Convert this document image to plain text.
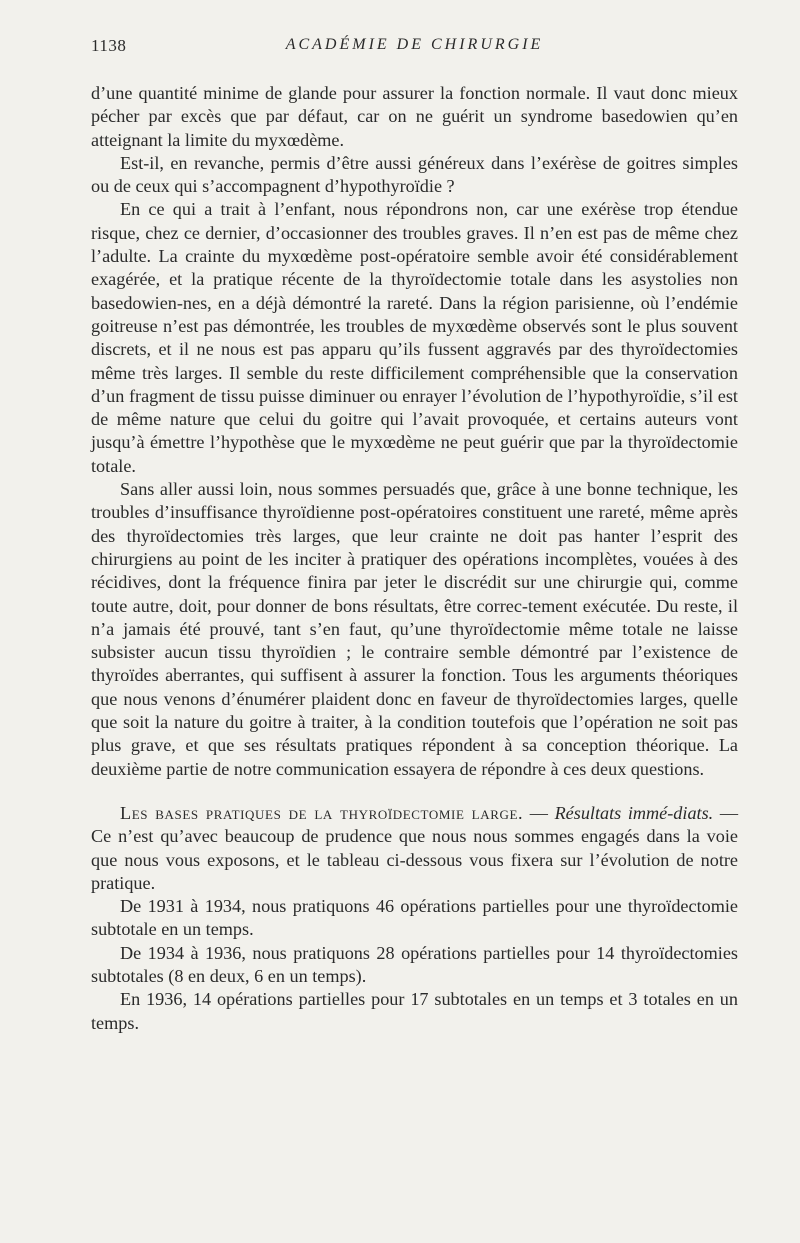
1138	ACADÉMIE DE CHIRURGIE

d’une quantité minime de glande pour assurer la fonction normale. Il vaut donc mieux pécher par excès que par défaut, car on ne guérit un syndrome basedowien qu’en atteignant la limite du myxœdème.

Est-il, en revanche, permis d’être aussi généreux dans l’exérèse de goitres simples ou de ceux qui s’accompagnent d’hypothyroïdie ?

En ce qui a trait à l’enfant, nous répondrons non, car une exérèse trop étendue risque, chez ce dernier, d’occasionner des troubles graves. Il n’en est pas de même chez l’adulte. La crainte du myxœdème post-opératoire semble avoir été considérablement exagérée, et la pratique récente de la thyroïdectomie totale dans les asystolies non basedowien-nes, en a déjà démontré la rareté. Dans la région parisienne, où l’endémie goitreuse n’est pas démontrée, les troubles de myxœdème observés sont le plus souvent discrets, et il ne nous est pas apparu qu’ils fussent aggravés par des thyroïdectomies même très larges. Il semble du reste difficilement compréhensible que la conservation d’un fragment de tissu puisse diminuer ou enrayer l’évolution de l’hypothyroïdie, s’il est de même nature que celui du goitre qui l’avait provoquée, et certains auteurs vont jusqu’à émettre l’hypothèse que le myxœdème ne peut guérir que par la thyroïdectomie totale.

Sans aller aussi loin, nous sommes persuadés que, grâce à une bonne technique, les troubles d’insuffisance thyroïdienne post-opératoires constituent une rareté, même après des thyroïdectomies très larges, que leur crainte ne doit pas hanter l’esprit des chirurgiens au point de les inciter à pratiquer des opérations incomplètes, vouées à des récidives, dont la fréquence finira par jeter le discrédit sur une chirurgie qui, comme toute autre, doit, pour donner de bons résultats, être correc-tement exécutée. Du reste, il n’a jamais été prouvé, tant s’en faut, qu’une thyroïdectomie même totale ne laisse subsister aucun tissu thyroïdien ; le contraire semble démontré par l’existence de thyroïdes aberrantes, qui suffisent à assurer la fonction. Tous les arguments théoriques que nous venons d’énumérer plaident donc en faveur de thyroïdectomies larges, quelle que soit la nature du goitre à traiter, à la condition toutefois que l’opération ne soit pas plus grave, et que ses résultats pratiques répondent à sa conception théorique. La deuxième partie de notre communication essayera de répondre à ces deux questions.

Les bases pratiques de la thyroïdectomie large. — Résultats immé-diats. — Ce n’est qu’avec beaucoup de prudence que nous nous sommes engagés dans la voie que nous vous exposons, et le tableau ci-dessous vous fixera sur l’évolution de notre pratique.

De 1931 à 1934, nous pratiquons 46 opérations partielles pour une thyroïdectomie subtotale en un temps.

De 1934 à 1936, nous pratiquons 28 opérations partielles pour 14 thyroïdectomies subtotales (8 en deux, 6 en un temps).

En 1936, 14 opérations partielles pour 17 subtotales en un temps et 3 totales en un temps.
